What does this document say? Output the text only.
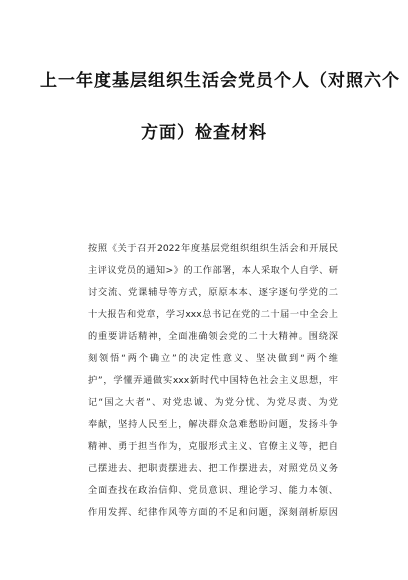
上一年度基层组织生活会党员个人（对照六个
方面）检查材料
按照《关于召开2022年度基层党组织组织生活会和开展民
主评议党员的通知>》的工作部署，本人采取个人自学、研
讨交流、党课辅导等方式，原原本本、逐字逐句学党的二
十大报告和党章，学习xxx总书记在党的二十届一中全会上
的重要讲话精神，全面准确领会党的二十大精神。围绕深
刻领悟“两个确立”的决定性意义、坚决做到“两个维
护”，学懂弄通做实xxx新时代中国特色社会主义思想，牢
记“国之大者”、对党忠诚、为党分忧、为党尽责、为党
奉献，坚持人民至上，解决群众急难愁盼问题，发扬斗争
精神、勇于担当作为，克服形式主义、官僚主义等，把自
己摆进去、把职责摆进去、把工作摆进去，对照党员义务
全面查找在政治信仰、党员意识、理论学习、能力本领、
作用发挥、纪律作风等方面的不足和问题，深刻剖析原因
